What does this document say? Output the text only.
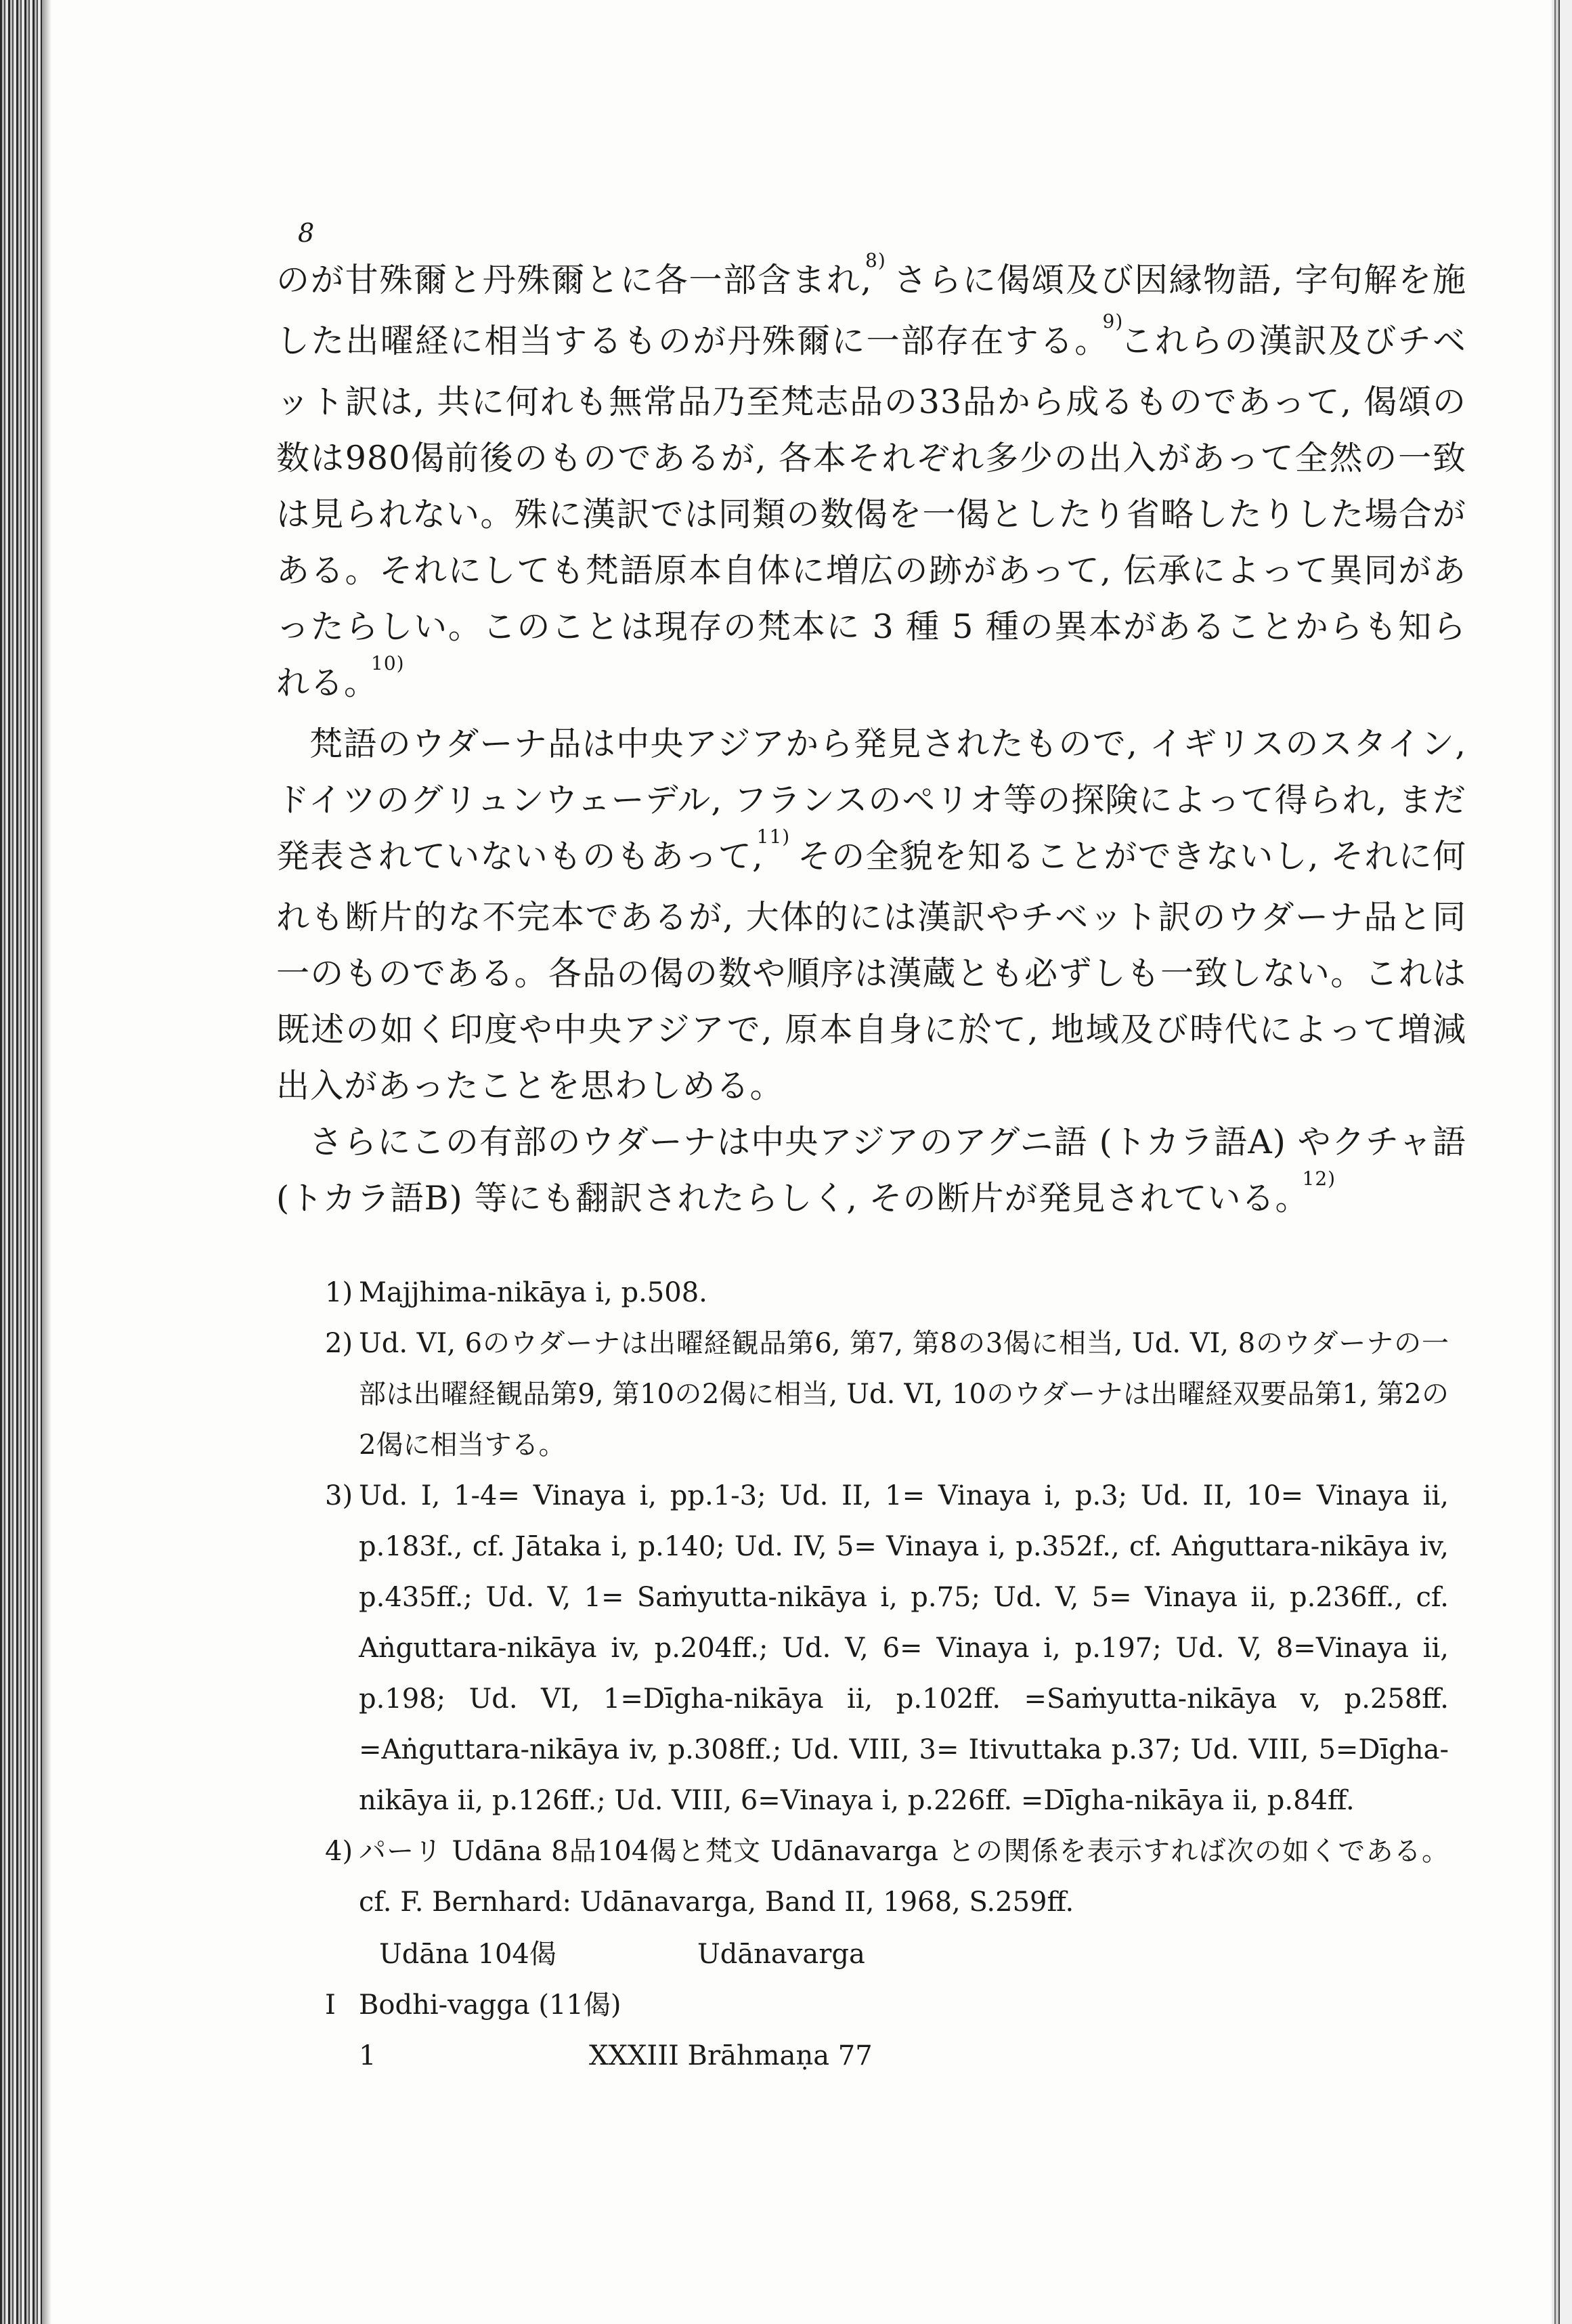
8

のが甘殊爾と丹殊爾とに各一部含まれ,$^{8)}$ さらに偈頌及び因縁物語, 字句解を施した出曜経に相当するものが丹殊爾に一部存在する。$^{9)}$これらの漢訳及びチベット訳は, 共に何れも無常品乃至梵志品の33品から成るものであって, 偈頌の数は980偈前後のものであるが, 各本それぞれ多少の出入があって全然の一致は見られない。殊に漢訳では同類の数偈を一偈としたり省略したりした場合がある。それにしても梵語原本自体に増広の跡があって, 伝承によって異同があったらしい。このことは現存の梵本に 3 種 5 種の異本があることからも知られる。$^{10)}$

梵語のウダーナ品は中央アジアから発見されたもので, イギリスのスタイン, ドイツのグリュンウェーデル, フランスのペリオ等の探険によって得られ, まだ発表されていないものもあって,$^{11)}$ その全貌を知ることができないし, それに何れも断片的な不完本であるが, 大体的には漢訳やチベット訳のウダーナ品と同一のものである。各品の偈の数や順序は漢蔵とも必ずしも一致しない。これは既述の如く印度や中央アジアで, 原本自身に於て, 地域及び時代によって増減出入があったことを思わしめる。

さらにこの有部のウダーナは中央アジアのアグニ語 (トカラ語A) やクチャ語 (トカラ語B) 等にも翻訳されたらしく, その断片が発見されている。$^{12)}$

1) Majjhima-nikāya i, p.508.
2) Ud. VI, 6のウダーナは出曜経観品第6, 第7, 第8の3偈に相当, Ud. VI, 8のウダーナの一部は出曜経観品第9, 第10の2偈に相当, Ud. VI, 10のウダーナは出曜経双要品第1, 第2の2偈に相当する。
3) Ud. I, 1-4= Vinaya i, pp.1-3; Ud. II, 1= Vinaya i, p.3; Ud. II, 10= Vinaya ii, p.183f., cf. Jātaka i, p.140; Ud. IV, 5= Vinaya i, p.352f., cf. Aṅguttara-nikāya iv, p.435ff.; Ud. V, 1= Saṁyutta-nikāya i, p.75; Ud. V, 5= Vinaya ii, p.236ff., cf. Aṅguttara-nikāya iv, p.204ff.; Ud. V, 6= Vinaya i, p.197; Ud. V, 8=Vinaya ii, p.198; Ud. VI, 1=Dīgha-nikāya ii, p.102ff. =Saṁyutta-nikāya v, p.258ff. =Aṅguttara-nikāya iv, p.308ff.; Ud. VIII, 3= Itivuttaka p.37; Ud. VIII, 5=Dīgha-nikāya ii, p.126ff.; Ud. VIII, 6=Vinaya i, p.226ff. =Dīgha-nikāya ii, p.84ff.
4) パーリ Udāna 8品104偈と梵文 Udānavarga との関係を表示すれば次の如くである。cf. F. Bernhard: Udānavarga, Band II, 1968, S.259ff.
Udāna 104偈	Udānavarga
I Bodhi-vagga (11偈)
1	XXXIII Brāhmaṇa 77
